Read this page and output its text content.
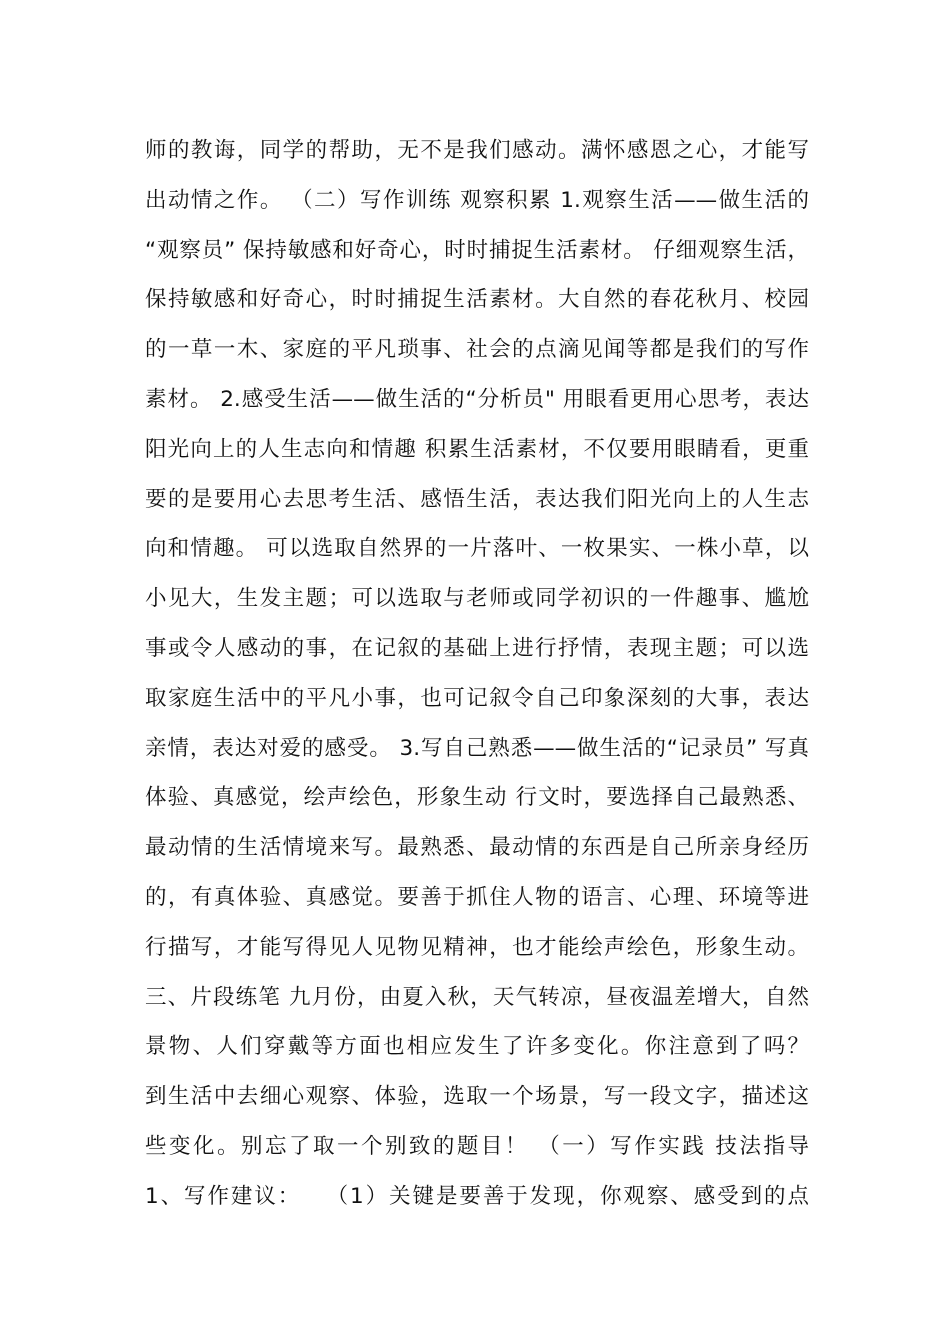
师的教诲，同学的帮助，无不是我们感动。满怀感恩之心，才能写
出动情之作。 （二）写作训练 观察积累 1.观察生活——做生活的
“观察员” 保持敏感和好奇心，时时捕捉生活素材。 仔细观察生活，
保持敏感和好奇心，时时捕捉生活素材。大自然的春花秋月、校园
的一草一木、家庭的平凡琐事、社会的点滴见闻等都是我们的写作
素材。 2.感受生活——做生活的“分析员" 用眼看更用心思考，表达
阳光向上的人生志向和情趣 积累生活素材，不仅要用眼睛看，更重
要的是要用心去思考生活、感悟生活，表达我们阳光向上的人生志
向和情趣。 可以选取自然界的一片落叶、一枚果实、一株小草，以
小见大，生发主题；可以选取与老师或同学初识的一件趣事、尴尬
事或令人感动的事，在记叙的基础上进行抒情，表现主题；可以选
取家庭生活中的平凡小事，也可记叙令自己印象深刻的大事，表达
亲情，表达对爱的感受。 3.写自己熟悉——做生活的“记录员” 写真
体验、真感觉，绘声绘色，形象生动 行文时，要选择自己最熟悉、
最动情的生活情境来写。最熟悉、最动情的东西是自己所亲身经历
的，有真体验、真感觉。要善于抓住人物的语言、心理、环境等进
行描写，才能写得见人见物见精神，也才能绘声绘色，形象生动。
三、片段练笔 九月份，由夏入秋，天气转凉，昼夜温差增大，自然
景物、人们穿戴等方面也相应发生了许多变化。你注意到了吗？
到生活中去细心观察、体验，选取一个场景，写一段文字，描述这
些变化。别忘了取一个别致的题目！ （一）写作实践 技法指导
1、写作建议：　　（1）关键是要善于发现，你观察、感受到的点
